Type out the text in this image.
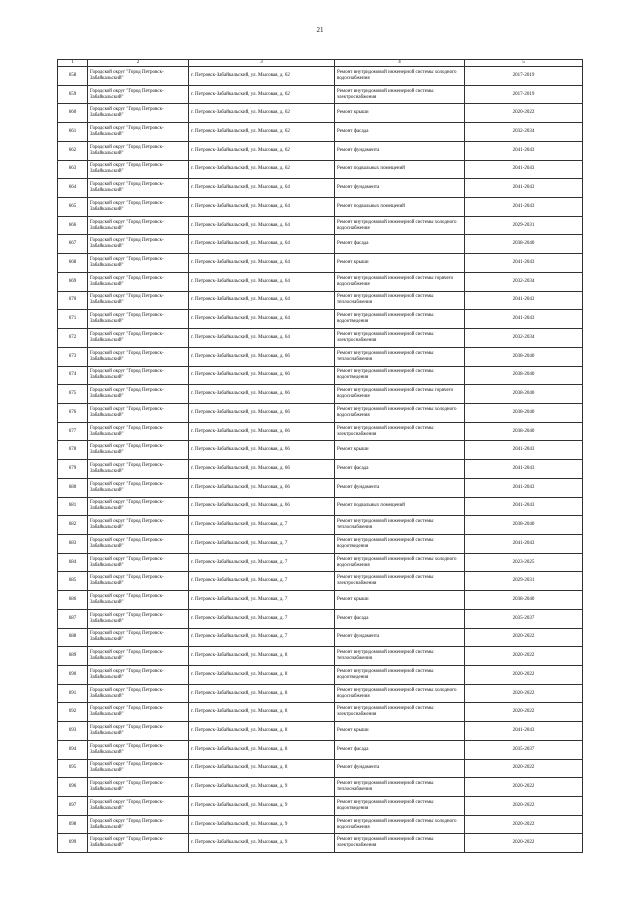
21
1	2	3	4	5
658	Городской округ "Город Петровск-Забайкальский"	г. Петровск-Забайкальский, ул. Мысовая, д. 62	Ремонт внутридомовой инженерной системы холодного водоснабжения	2017-2019
659	Городской округ "Город Петровск-Забайкальский"	г. Петровск-Забайкальский, ул. Мысовая, д. 62	Ремонт внутридомовой инженерной системы электроснабжения	2017-2019
660	Городской округ "Город Петровск-Забайкальский"	г. Петровск-Забайкальский, ул. Мысовая, д. 62	Ремонт крыши	2020-2022
661	Городской округ "Город Петровск-Забайкальский"	г. Петровск-Забайкальский, ул. Мысовая, д. 62	Ремонт фасада	2032-2034
662	Городской округ "Город Петровск-Забайкальский"	г. Петровск-Забайкальский, ул. Мысовая, д. 62	Ремонт фундамента	2041-2043
663	Городской округ "Город Петровск-Забайкальский"	г. Петровск-Забайкальский, ул. Мысовая, д. 62	Ремонт подвальных помещений	2041-2043
664	Городской округ "Город Петровск-Забайкальский"	г. Петровск-Забайкальский, ул. Мысовая, д. 64	Ремонт фундамента	2041-2043
665	Городской округ "Город Петровск-Забайкальский"	г. Петровск-Забайкальский, ул. Мысовая, д. 64	Ремонт подвальных помещений	2041-2043
666	Городской округ "Город Петровск-Забайкальский"	г. Петровск-Забайкальский, ул. Мысовая, д. 64	Ремонт внутридомовой инженерной системы холодного водоснабжения	2029-2031
667	Городской округ "Город Петровск-Забайкальский"	г. Петровск-Забайкальский, ул. Мысовая, д. 64	Ремонт фасада	2038-2040
668	Городской округ "Город Петровск-Забайкальский"	г. Петровск-Забайкальский, ул. Мысовая, д. 64	Ремонт крыши	2041-2043
669	Городской округ "Город Петровск-Забайкальский"	г. Петровск-Забайкальский, ул. Мысовая, д. 64	Ремонт внутридомовой инженерной системы горячего водоснабжения	2032-2034
670	Городской округ "Город Петровск-Забайкальский"	г. Петровск-Забайкальский, ул. Мысовая, д. 64	Ремонт внутридомовой инженерной системы теплоснабжения	2041-2043
671	Городской округ "Город Петровск-Забайкальский"	г. Петровск-Забайкальский, ул. Мысовая, д. 64	Ремонт внутридомовой инженерной системы водоотведения	2041-2043
672	Городской округ "Город Петровск-Забайкальский"	г. Петровск-Забайкальский, ул. Мысовая, д. 64	Ремонт внутридомовой инженерной системы электроснабжения	2032-2034
673	Городской округ "Город Петровск-Забайкальский"	г. Петровск-Забайкальский, ул. Мысовая, д. 66	Ремонт внутридомовой инженерной системы теплоснабжения	2038-2040
674	Городской округ "Город Петровск-Забайкальский"	г. Петровск-Забайкальский, ул. Мысовая, д. 66	Ремонт внутридомовой инженерной системы водоотведения	2038-2040
675	Городской округ "Город Петровск-Забайкальский"	г. Петровск-Забайкальский, ул. Мысовая, д. 66	Ремонт внутридомовой инженерной системы горячего водоснабжения	2038-2040
676	Городской округ "Город Петровск-Забайкальский"	г. Петровск-Забайкальский, ул. Мысовая, д. 66	Ремонт внутридомовой инженерной системы холодного водоснабжения	2038-2040
677	Городской округ "Город Петровск-Забайкальский"	г. Петровск-Забайкальский, ул. Мысовая, д. 66	Ремонт внутридомовой инженерной системы электроснабжения	2038-2040
678	Городской округ "Город Петровск-Забайкальский"	г. Петровск-Забайкальский, ул. Мысовая, д. 66	Ремонт крыши	2041-2043
679	Городской округ "Город Петровск-Забайкальский"	г. Петровск-Забайкальский, ул. Мысовая, д. 66	Ремонт фасада	2041-2043
680	Городской округ "Город Петровск-Забайкальский"	г. Петровск-Забайкальский, ул. Мысовая, д. 66	Ремонт фундамента	2041-2043
681	Городской округ "Город Петровск-Забайкальский"	г. Петровск-Забайкальский, ул. Мысовая, д. 66	Ремонт подвальных помещений	2041-2043
682	Городской округ "Город Петровск-Забайкальский"	г. Петровск-Забайкальский, ул. Мысовая, д. 7	Ремонт внутридомовой инженерной системы теплоснабжения	2038-2040
683	Городской округ "Город Петровск-Забайкальский"	г. Петровск-Забайкальский, ул. Мысовая, д. 7	Ремонт внутридомовой инженерной системы водоотведения	2041-2043
684	Городской округ "Город Петровск-Забайкальский"	г. Петровск-Забайкальский, ул. Мысовая, д. 7	Ремонт внутридомовой инженерной системы холодного водоснабжения	2023-2025
685	Городской округ "Город Петровск-Забайкальский"	г. Петровск-Забайкальский, ул. Мысовая, д. 7	Ремонт внутридомовой инженерной системы электроснабжения	2029-2031
686	Городской округ "Город Петровск-Забайкальский"	г. Петровск-Забайкальский, ул. Мысовая, д. 7	Ремонт крыши	2038-2040
687	Городской округ "Город Петровск-Забайкальский"	г. Петровск-Забайкальский, ул. Мысовая, д. 7	Ремонт фасада	2035-2037
688	Городской округ "Город Петровск-Забайкальский"	г. Петровск-Забайкальский, ул. Мысовая, д. 7	Ремонт фундамента	2020-2022
689	Городской округ "Город Петровск-Забайкальский"	г. Петровск-Забайкальский, ул. Мысовая, д. 8	Ремонт внутридомовой инженерной системы теплоснабжения	2020-2022
690	Городской округ "Город Петровск-Забайкальский"	г. Петровск-Забайкальский, ул. Мысовая, д. 8	Ремонт внутридомовой инженерной системы водоотведения	2020-2022
691	Городской округ "Город Петровск-Забайкальский"	г. Петровск-Забайкальский, ул. Мысовая, д. 8	Ремонт внутридомовой инженерной системы холодного водоснабжения	2020-2022
692	Городской округ "Город Петровск-Забайкальский"	г. Петровск-Забайкальский, ул. Мысовая, д. 8	Ремонт внутридомовой инженерной системы электроснабжения	2020-2022
693	Городской округ "Город Петровск-Забайкальский"	г. Петровск-Забайкальский, ул. Мысовая, д. 8	Ремонт крыши	2041-2043
694	Городской округ "Город Петровск-Забайкальский"	г. Петровск-Забайкальский, ул. Мысовая, д. 8	Ремонт фасада	2035-2037
695	Городской округ "Город Петровск-Забайкальский"	г. Петровск-Забайкальский, ул. Мысовая, д. 8	Ремонт фундамента	2020-2022
696	Городской округ "Город Петровск-Забайкальский"	г. Петровск-Забайкальский, ул. Мысовая, д. 9	Ремонт внутридомовой инженерной системы теплоснабжения	2020-2022
697	Городской округ "Город Петровск-Забайкальский"	г. Петровск-Забайкальский, ул. Мысовая, д. 9	Ремонт внутридомовой инженерной системы водоотведения	2020-2022
698	Городской округ "Город Петровск-Забайкальский"	г. Петровск-Забайкальский, ул. Мысовая, д. 9	Ремонт внутридомовой инженерной системы холодного водоснабжения	2020-2022
699	Городской округ "Город Петровск-Забайкальский"	г. Петровск-Забайкальский, ул. Мысовая, д. 9	Ремонт внутридомовой инженерной системы электроснабжения	2020-2022
